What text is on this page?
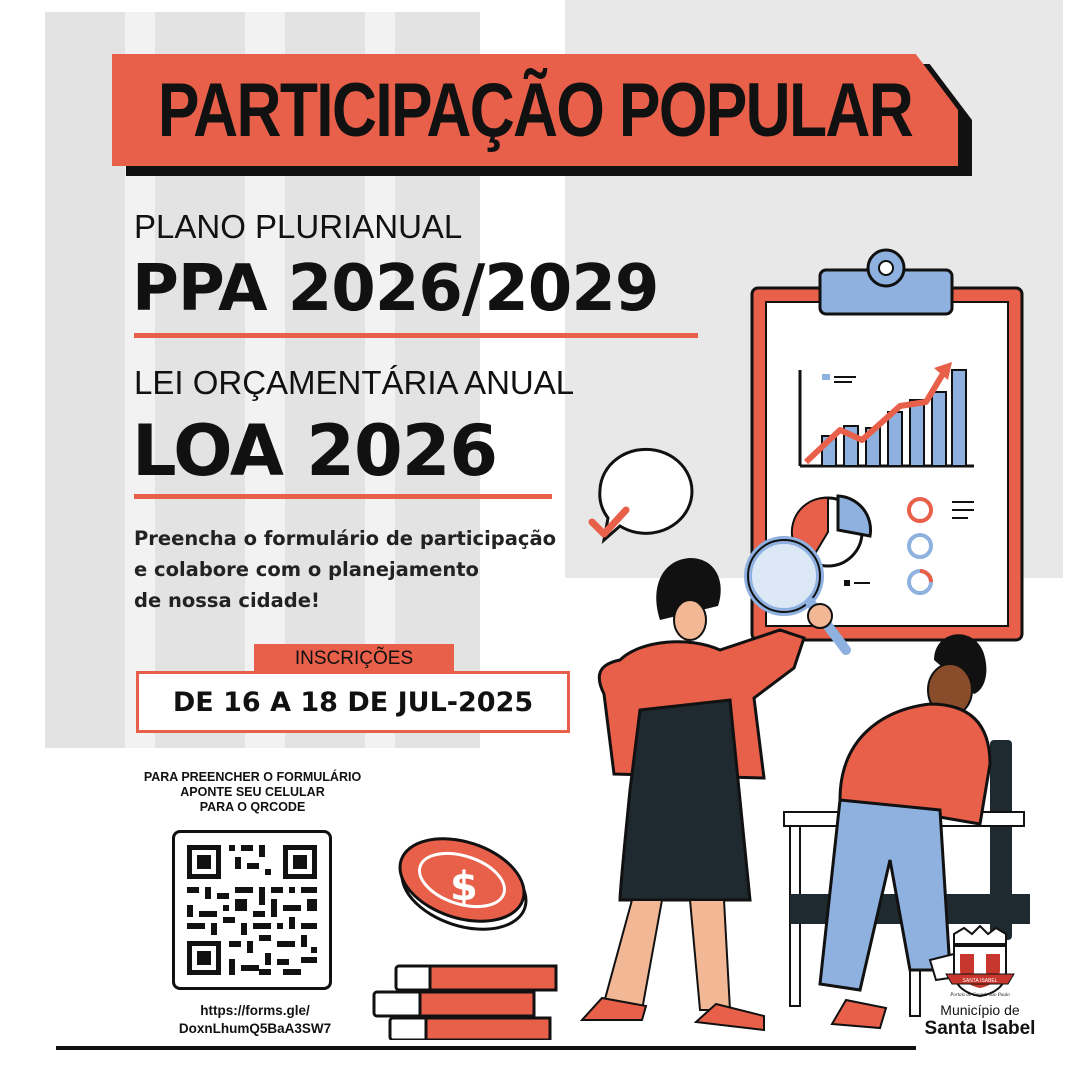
PARTICIPAÇÃO POPULAR
PLANO PLURIANUAL
PPA 2026/2029
LEI ORÇAMENTÁRIA ANUAL
LOA 2026
Preencha o formulário de participação
e colabore com o planejamento
de nossa cidade!
INSCRIÇÕES
DE 16 A 18 DE JUL-2025
PARA PREENCHER O FORMULÁRIO
APONTE SEU CELULAR
PARA O QRCODE
https://forms.gle/
DoxnLhumQ5BaA3SW7
$
SANTA ISABEL
Portais do Grande São Paulo
Município de
Santa Isabel
